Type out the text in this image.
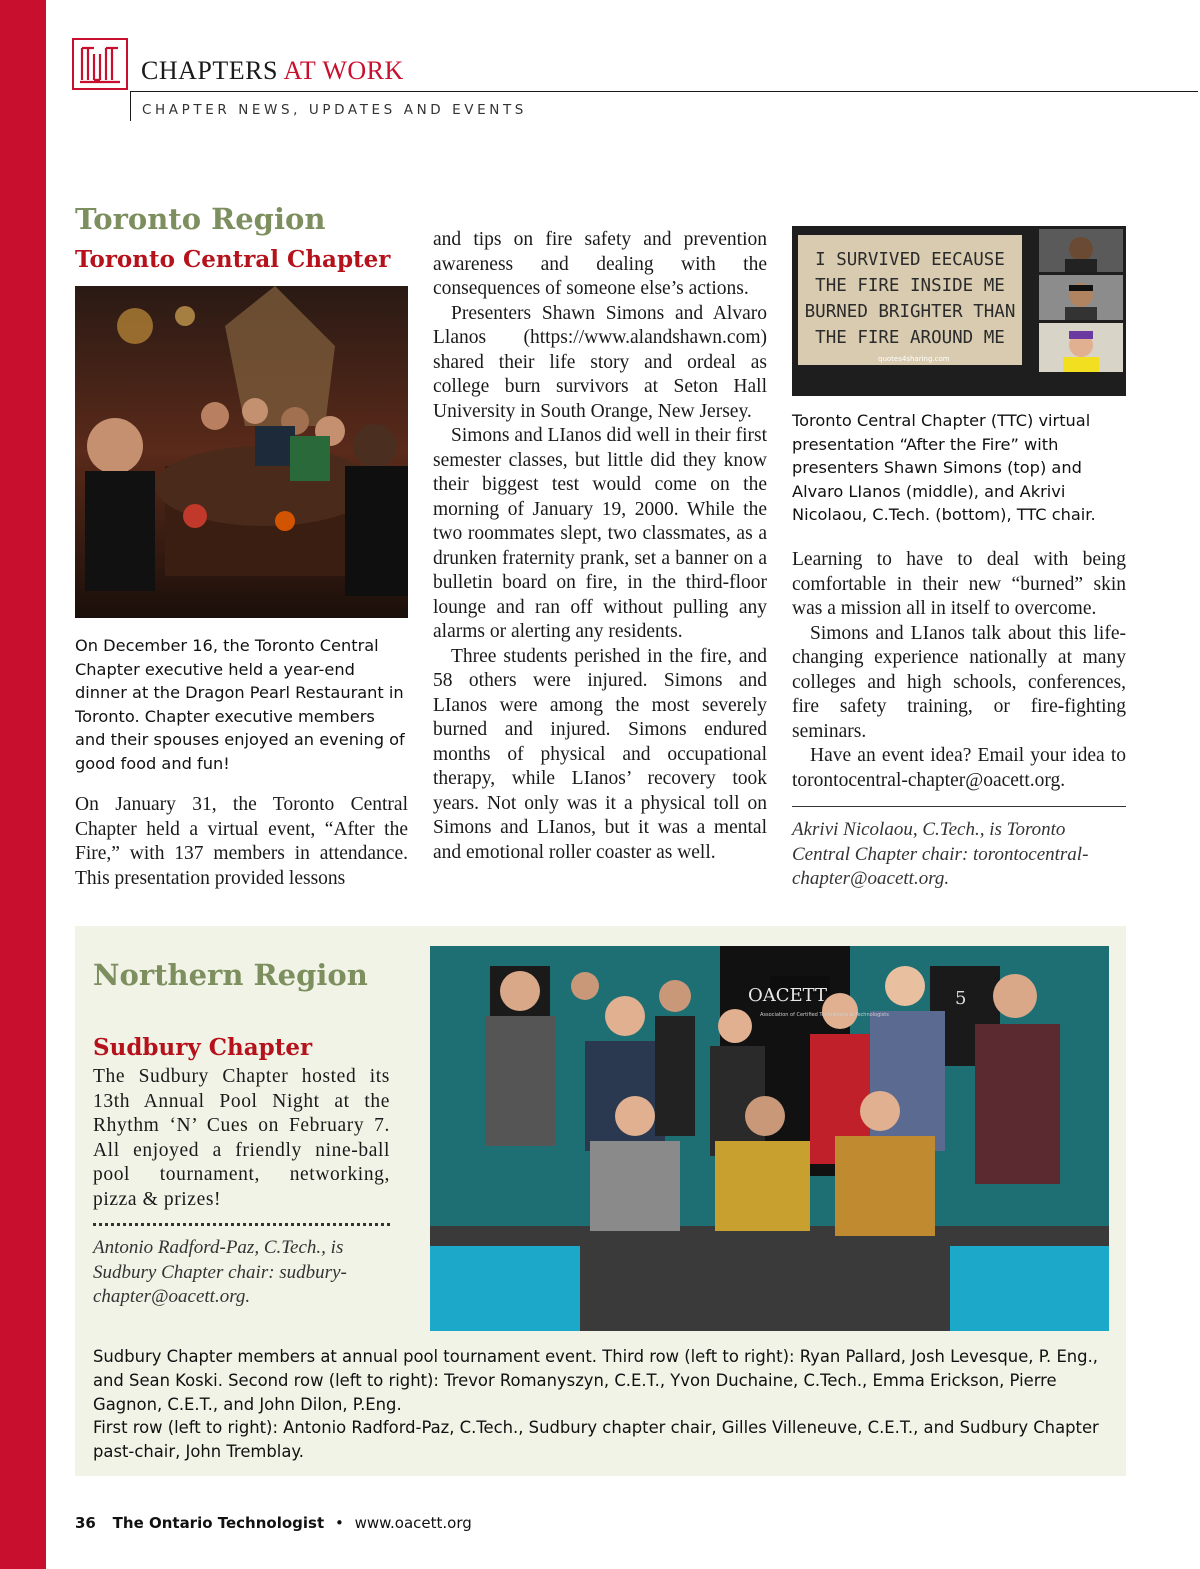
CHAPTERS AT WORK
CHAPTER NEWS, UPDATES AND EVENTS
Toronto Region
Toronto Central Chapter
On December 16, the Toronto Central Chapter executive held a year-end dinner at the Dragon Pearl Restaurant in Toronto. Chapter executive members and their spouses enjoyed an evening of good food and fun!

On January 31, the Toronto Central Chapter held a virtual event, “After the Fire,” with 137 members in attendance. This presentation provided lessons

and tips on fire safety and prevention awareness and dealing with the consequences of someone else’s actions.

Presenters Shawn Simons and Alvaro Llanos (https://www.alandshawn.com) shared their life story and ordeal as college burn survivors at Seton Hall University in South Orange, New Jersey.

Simons and LIanos did well in their first semester classes, but little did they know their biggest test would come on the morning of January 19, 2000. While the two roommates slept, two classmates, as a drunken fraternity prank, set a banner on a bulletin board on fire, in the third-floor lounge and ran off without pulling any alarms or alerting any residents.

Three students perished in the fire, and 58 others were injured. Simons and LIanos were among the most severely burned and injured. Simons endured months of physical and occupational therapy, while LIanos’ recovery took years. Not only was it a physical toll on Simons and LIanos, but it was a mental and emotional roller coaster as well.

I SURVIVED EECAUSE
THE FIRE INSIDE ME
BURNED BRIGHTER THAN
THE FIRE AROUND ME
quotes4sharing.com
Toronto Central Chapter (TTC) virtual presentation “After the Fire” with presenters Shawn Simons (top) and Alvaro LIanos (middle), and Akrivi Nicolaou, C.Tech. (bottom), TTC chair.

Learning to have to deal with being comfortable in their new “burned” skin was a mission all in itself to overcome.

Simons and LIanos talk about this life-changing experience nationally at many colleges and high schools, conferences, fire safety training, or fire-fighting seminars.

Have an event idea? Email your idea to torontocentral-chapter@oacett.org.

Akrivi Nicolaou, C.Tech., is Toronto Central Chapter chair: torontocentral-chapter@oacett.org.
Northern Region
Sudbury Chapter

The Sudbury Chapter hosted its 13th Annual Pool Night at the Rhythm ‘N’ Cues on February 7. All enjoyed a friendly nine-ball pool tournament, networking, pizza & prizes!

Antonio Radford-Paz, C.Tech., is Sudbury Chapter chair: sudbury-chapter@oacett.org.
OACETT
Association of Certified Technicians & Technologists
5
Sudbury Chapter members at annual pool tournament event. Third row (left to right): Ryan Pallard, Josh Levesque, P. Eng., and Sean Koski. Second row (left to right): Trevor Romanyszyn, C.E.T., Yvon Duchaine, C.Tech., Emma Erickson, Pierre Gagnon, C.E.T., and John Dilon, P.Eng.
First row (left to right): Antonio Radford-Paz, C.Tech., Sudbury chapter chair, Gilles Villeneuve, C.E.T., and Sudbury Chapter past-chair, John Tremblay.
36 The Ontario Technologist • www.oacett.org
